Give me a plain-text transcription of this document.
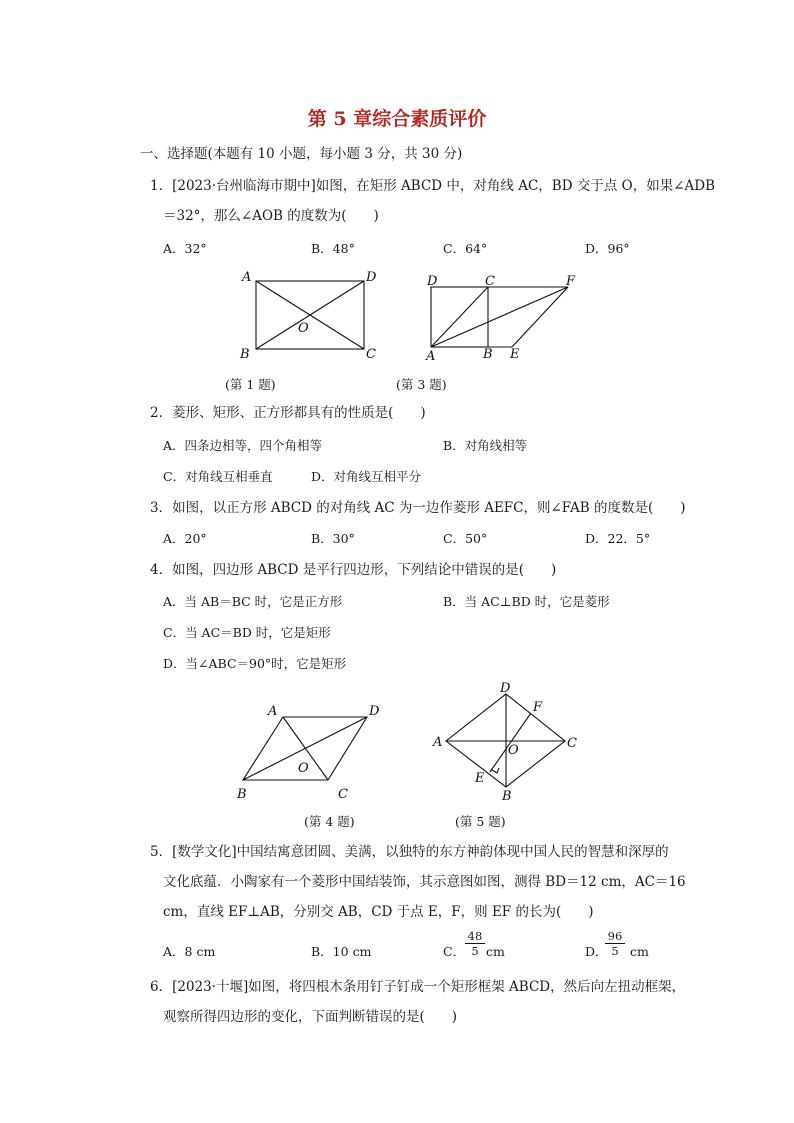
第 5 章综合素质评价
一、选择题(本题有 10 小题，每小题 3 分，共 30 分)
1．[2023·台州临海市期中]如图，在矩形 ABCD 中，对角线 AC，BD 交于点 O，如果∠ADB
＝32°，那么∠AOB 的度数为(　　)
A．32°	B．48°	C．64°	D．96°
A	D
O
B	C
D	C	F
A	B E
A	D
O
B	C
D
F
A
O	C
E
B
(第 1 题)	(第 3 题)
2．菱形、矩形、正方形都具有的性质是(　　)
A．四条边相等，四个角相等	B．对角线相等
C．对角线互相垂直	D．对角线互相平分
3．如图，以正方形 ABCD 的对角线 AC 为一边作菱形 AEFC，则∠FAB 的度数是(　　)
A．20°	B．30°	C．50°	D．22．5°
4．如图，四边形 ABCD 是平行四边形，下列结论中错误的是(　　)
A．当 AB＝BC 时，它是正方形	B．当 AC⊥BD 时，它是菱形
C．当 AC＝BD 时，它是矩形
D．当∠ABC＝90°时，它是矩形
(第 4 题)	(第 5 题)
5．[数学文化]中国结寓意团圆、美满，以独特的东方神韵体现中国人民的智慧和深厚的
文化底蕴．小陶家有一个菱形中国结装饰，其示意图如图，测得 BD＝12 cm，AC＝16
cm，直线 EF⊥AB，分别交 AB，CD 于点 E，F，则 EF 的长为(　　)
A．8 cm	B．10 cm	C．
48
5 cm	D．
96
5 cm
6．[2023·十堰]如图，将四根木条用钉子钉成一个矩形框架 ABCD，然后向左扭动框架，
观察所得四边形的变化，下面判断错误的是(　　)
